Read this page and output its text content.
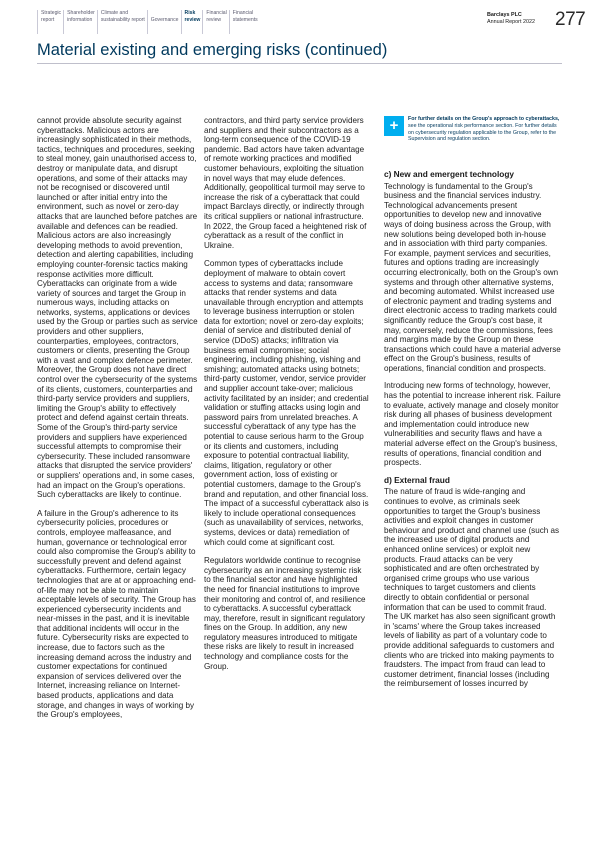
Strategic
report
Shareholder
information
Climate and
sustainability report
Governance
Risk
review
Financial
review
Financial
statements
Barclays PLC
Annual Report 2022	277
Material existing and emerging risks (continued)

cannot provide absolute security against cyberattacks. Malicious actors are increasingly sophisticated in their methods, tactics, techniques and procedures, seeking to steal money, gain unauthorised access to, destroy or manipulate data, and disrupt operations, and some of their attacks may not be recognised or discovered until launched or after initial entry into the environment, such as novel or zero-day attacks that are launched before patches are available and defences can be readied. Malicious actors are also increasingly developing methods to avoid prevention, detection and alerting capabilities, including employing counter-forensic tactics making response activities more difficult. Cyberattacks can originate from a wide variety of sources and target the Group in numerous ways, including attacks on networks, systems, applications or devices used by the Group or parties such as service providers and other suppliers, counterparties, employees, contractors, customers or clients, presenting the Group with a vast and complex defence perimeter. Moreover, the Group does not have direct control over the cybersecurity of the systems of its clients, customers, counterparties and third-party service providers and suppliers, limiting the Group's ability to effectively protect and defend against certain threats. Some of the Group's third-party service providers and suppliers have experienced successful attempts to compromise their cybersecurity. These included ransomware attacks that disrupted the service providers' or suppliers' operations and, in some cases, had an impact on the Group's operations. Such cyberattacks are likely to continue.

A failure in the Group's adherence to its cybersecurity policies, procedures or controls, employee malfeasance, and human, governance or technological error could also compromise the Group's ability to successfully prevent and defend against cyberattacks. Furthermore, certain legacy technologies that are at or approaching end-of-life may not be able to maintain acceptable levels of security. The Group has experienced cybersecurity incidents and near-misses in the past, and it is inevitable that additional incidents will occur in the future. Cybersecurity risks are expected to increase, due to factors such as the increasing demand across the industry and customer expectations for continued expansion of services delivered over the Internet, increasing reliance on Internet-based products, applications and data storage, and changes in ways of working by the Group's employees,

contractors, and third party service providers and suppliers and their subcontractors as a long-term consequence of the COVID-19 pandemic. Bad actors have taken advantage of remote working practices and modified customer behaviours, exploiting the situation in novel ways that may elude defences. Additionally, geopolitical turmoil may serve to increase the risk of a cyberattack that could impact Barclays directly, or indirectly through its critical suppliers or national infrastructure. In 2022, the Group faced a heightened risk of cyberattack as a result of the conflict in Ukraine.

Common types of cyberattacks include deployment of malware to obtain covert access to systems and data; ransomware attacks that render systems and data unavailable through encryption and attempts to leverage business interruption or stolen data for extortion; novel or zero-day exploits; denial of service and distributed denial of service (DDoS) attacks; infiltration via business email compromise; social engineering, including phishing, vishing and smishing; automated attacks using botnets; third-party customer, vendor, service provider and supplier account take-over; malicious activity facilitated by an insider; and credential validation or stuffing attacks using login and password pairs from unrelated breaches. A successful cyberattack of any type has the potential to cause serious harm to the Group or its clients and customers, including exposure to potential contractual liability, claims, litigation, regulatory or other government action, loss of existing or potential customers, damage to the Group's brand and reputation, and other financial loss. The impact of a successful cyberattack also is likely to include operational consequences (such as unavailability of services, networks, systems, devices or data) remediation of which could come at significant cost.

Regulators worldwide continue to recognise cybersecurity as an increasing systemic risk to the financial sector and have highlighted the need for financial institutions to improve their monitoring and control of, and resilience to cyberattacks. A successful cyberattack may, therefore, result in significant regulatory fines on the Group. In addition, any new regulatory measures introduced to mitigate these risks are likely to result in increased technology and compliance costs for the Group.

+	For further details on the Group's approach to cyberattacks, see the operational risk performance section. For further details on cybersecurity regulation applicable to the Group, refer to the Supervision and regulation section.
c) New and emergent technology

Technology is fundamental to the Group's business and the financial services industry. Technological advancements present opportunities to develop new and innovative ways of doing business across the Group, with new solutions being developed both in-house and in association with third party companies. For example, payment services and securities, futures and options trading are increasingly occurring electronically, both on the Group's own systems and through other alternative systems, and becoming automated. Whilst increased use of electronic payment and trading systems and direct electronic access to trading markets could significantly reduce the Group's cost base, it may, conversely, reduce the commissions, fees and margins made by the Group on these transactions which could have a material adverse effect on the Group's business, results of operations, financial condition and prospects.

Introducing new forms of technology, however, has the potential to increase inherent risk. Failure to evaluate, actively manage and closely monitor risk during all phases of business development and implementation could introduce new vulnerabilities and security flaws and have a material adverse effect on the Group's business, results of operations, financial condition and prospects.

d) External fraud

The nature of fraud is wide-ranging and continues to evolve, as criminals seek opportunities to target the Group's business activities and exploit changes in customer behaviour and product and channel use (such as the increased use of digital products and enhanced online services) or exploit new products. Fraud attacks can be very sophisticated and are often orchestrated by organised crime groups who use various techniques to target customers and clients directly to obtain confidential or personal information that can be used to commit fraud. The UK market has also seen significant growth in 'scams' where the Group takes increased levels of liability as part of a voluntary code to provide additional safeguards to customers and clients who are tricked into making payments to fraudsters. The impact from fraud can lead to customer detriment, financial losses (including the reimbursement of losses incurred by
